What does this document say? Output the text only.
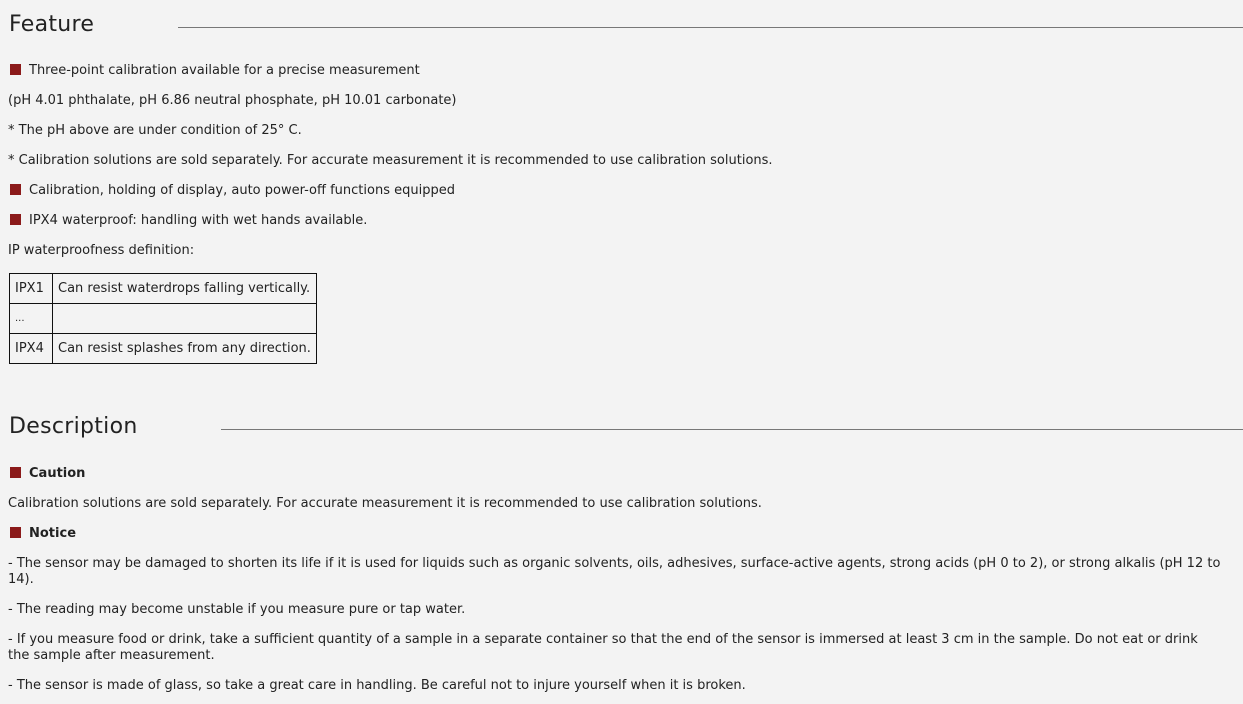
Feature
Three-point calibration available for a precise measurement
(pH 4.01 phthalate, pH 6.86 neutral phosphate, pH 10.01 carbonate)
* The pH above are under condition of 25° C.
* Calibration solutions are sold separately. For accurate measurement it is recommended to use calibration solutions.
Calibration, holding of display, auto power-off functions equipped
IPX4 waterproof: handling with wet hands available.
IP waterproofness definition:
IPX1	Can resist waterdrops falling vertically.
...	
IPX4	Can resist splashes from any direction.
Description
Caution
Calibration solutions are sold separately. For accurate measurement it is recommended to use calibration solutions.
Notice
- The sensor may be damaged to shorten its life if it is used for liquids such as organic solvents, oils, adhesives, surface-active agents, strong acids (pH 0 to 2), or strong alkalis (pH 12 to 14).
- The reading may become unstable if you measure pure or tap water.
- If you measure food or drink, take a sufficient quantity of a sample in a separate container so that the end of the sensor is immersed at least 3 cm in the sample. Do not eat or drink the sample after measurement.
- The sensor is made of glass, so take a great care in handling. Be careful not to injure yourself when it is broken.
